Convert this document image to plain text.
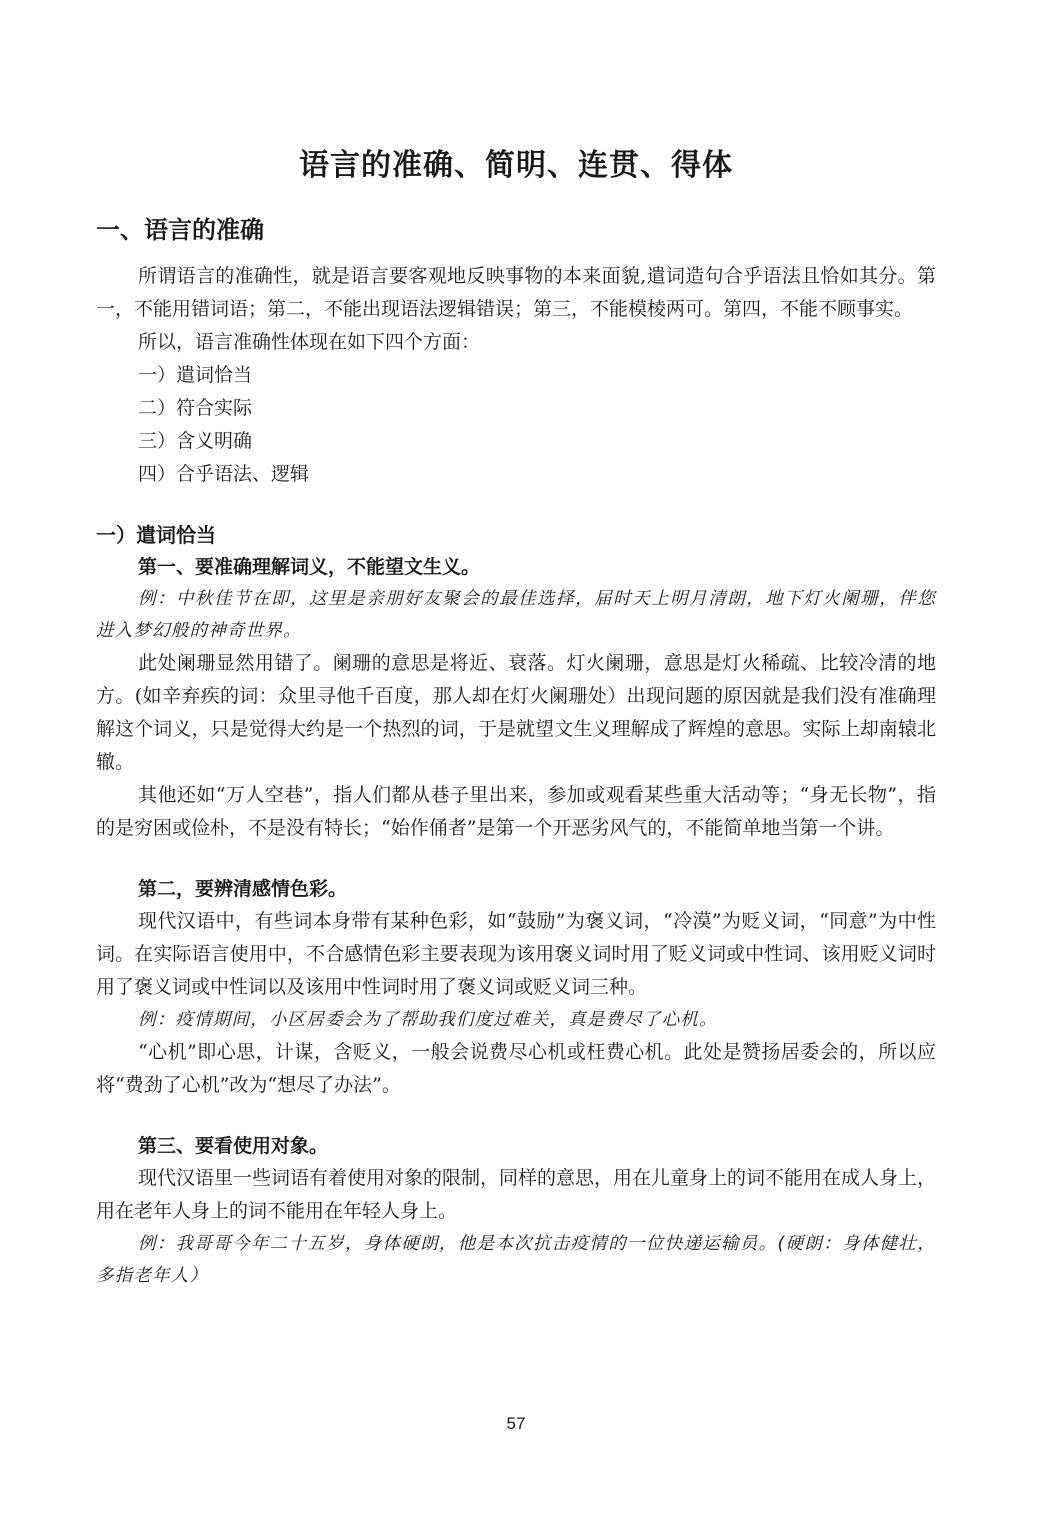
语言的准确、简明、连贯、得体
一、语言的准确

所谓语言的准确性，就是语言要客观地反映事物的本来面貌,遣词造句合乎语法且恰如其分。第一，不能用错词语；第二，不能出现语法逻辑错误；第三，不能模棱两可。第四，不能不顾事实。

所以，语言准确性体现在如下四个方面：

一）遣词恰当

二）符合实际

三）含义明确

四）合乎语法、逻辑

一）遣词恰当
第一、要准确理解词义，不能望文生义。

例：中秋佳节在即，这里是亲朋好友聚会的最佳选择，届时天上明月清朗，地下灯火阑珊，伴您进入梦幻般的神奇世界。

此处阑珊显然用错了。阑珊的意思是将近、衰落。灯火阑珊，意思是灯火稀疏、比较冷清的地方。(如辛弃疾的词：众里寻他千百度，那人却在灯火阑珊处）出现问题的原因就是我们没有准确理解这个词义，只是觉得大约是一个热烈的词，于是就望文生义理解成了辉煌的意思。实际上却南辕北辙。

其他还如“万人空巷”，指人们都从巷子里出来，参加或观看某些重大活动等；“身无长物”，指的是穷困或俭朴，不是没有特长；“始作俑者”是第一个开恶劣风气的，不能简单地当第一个讲。

第二，要辨清感情色彩。

现代汉语中，有些词本身带有某种色彩，如“鼓励”为褒义词，“冷漠”为贬义词，“同意”为中性词。在实际语言使用中，不合感情色彩主要表现为该用褒义词时用了贬义词或中性词、该用贬义词时用了褒义词或中性词以及该用中性词时用了褒义词或贬义词三种。

例：疫情期间，小区居委会为了帮助我们度过难关，真是费尽了心机。

“心机”即心思，计谋，含贬义，一般会说费尽心机或枉费心机。此处是赞扬居委会的，所以应将“费劲了心机”改为“想尽了办法”。

第三、要看使用对象。

现代汉语里一些词语有着使用对象的限制，同样的意思，用在儿童身上的词不能用在成人身上，用在老年人身上的词不能用在年轻人身上。

例：我哥哥今年二十五岁，身体硬朗，他是本次抗击疫情的一位快递运输员。(硬朗：身体健壮，多指老年人）

57
